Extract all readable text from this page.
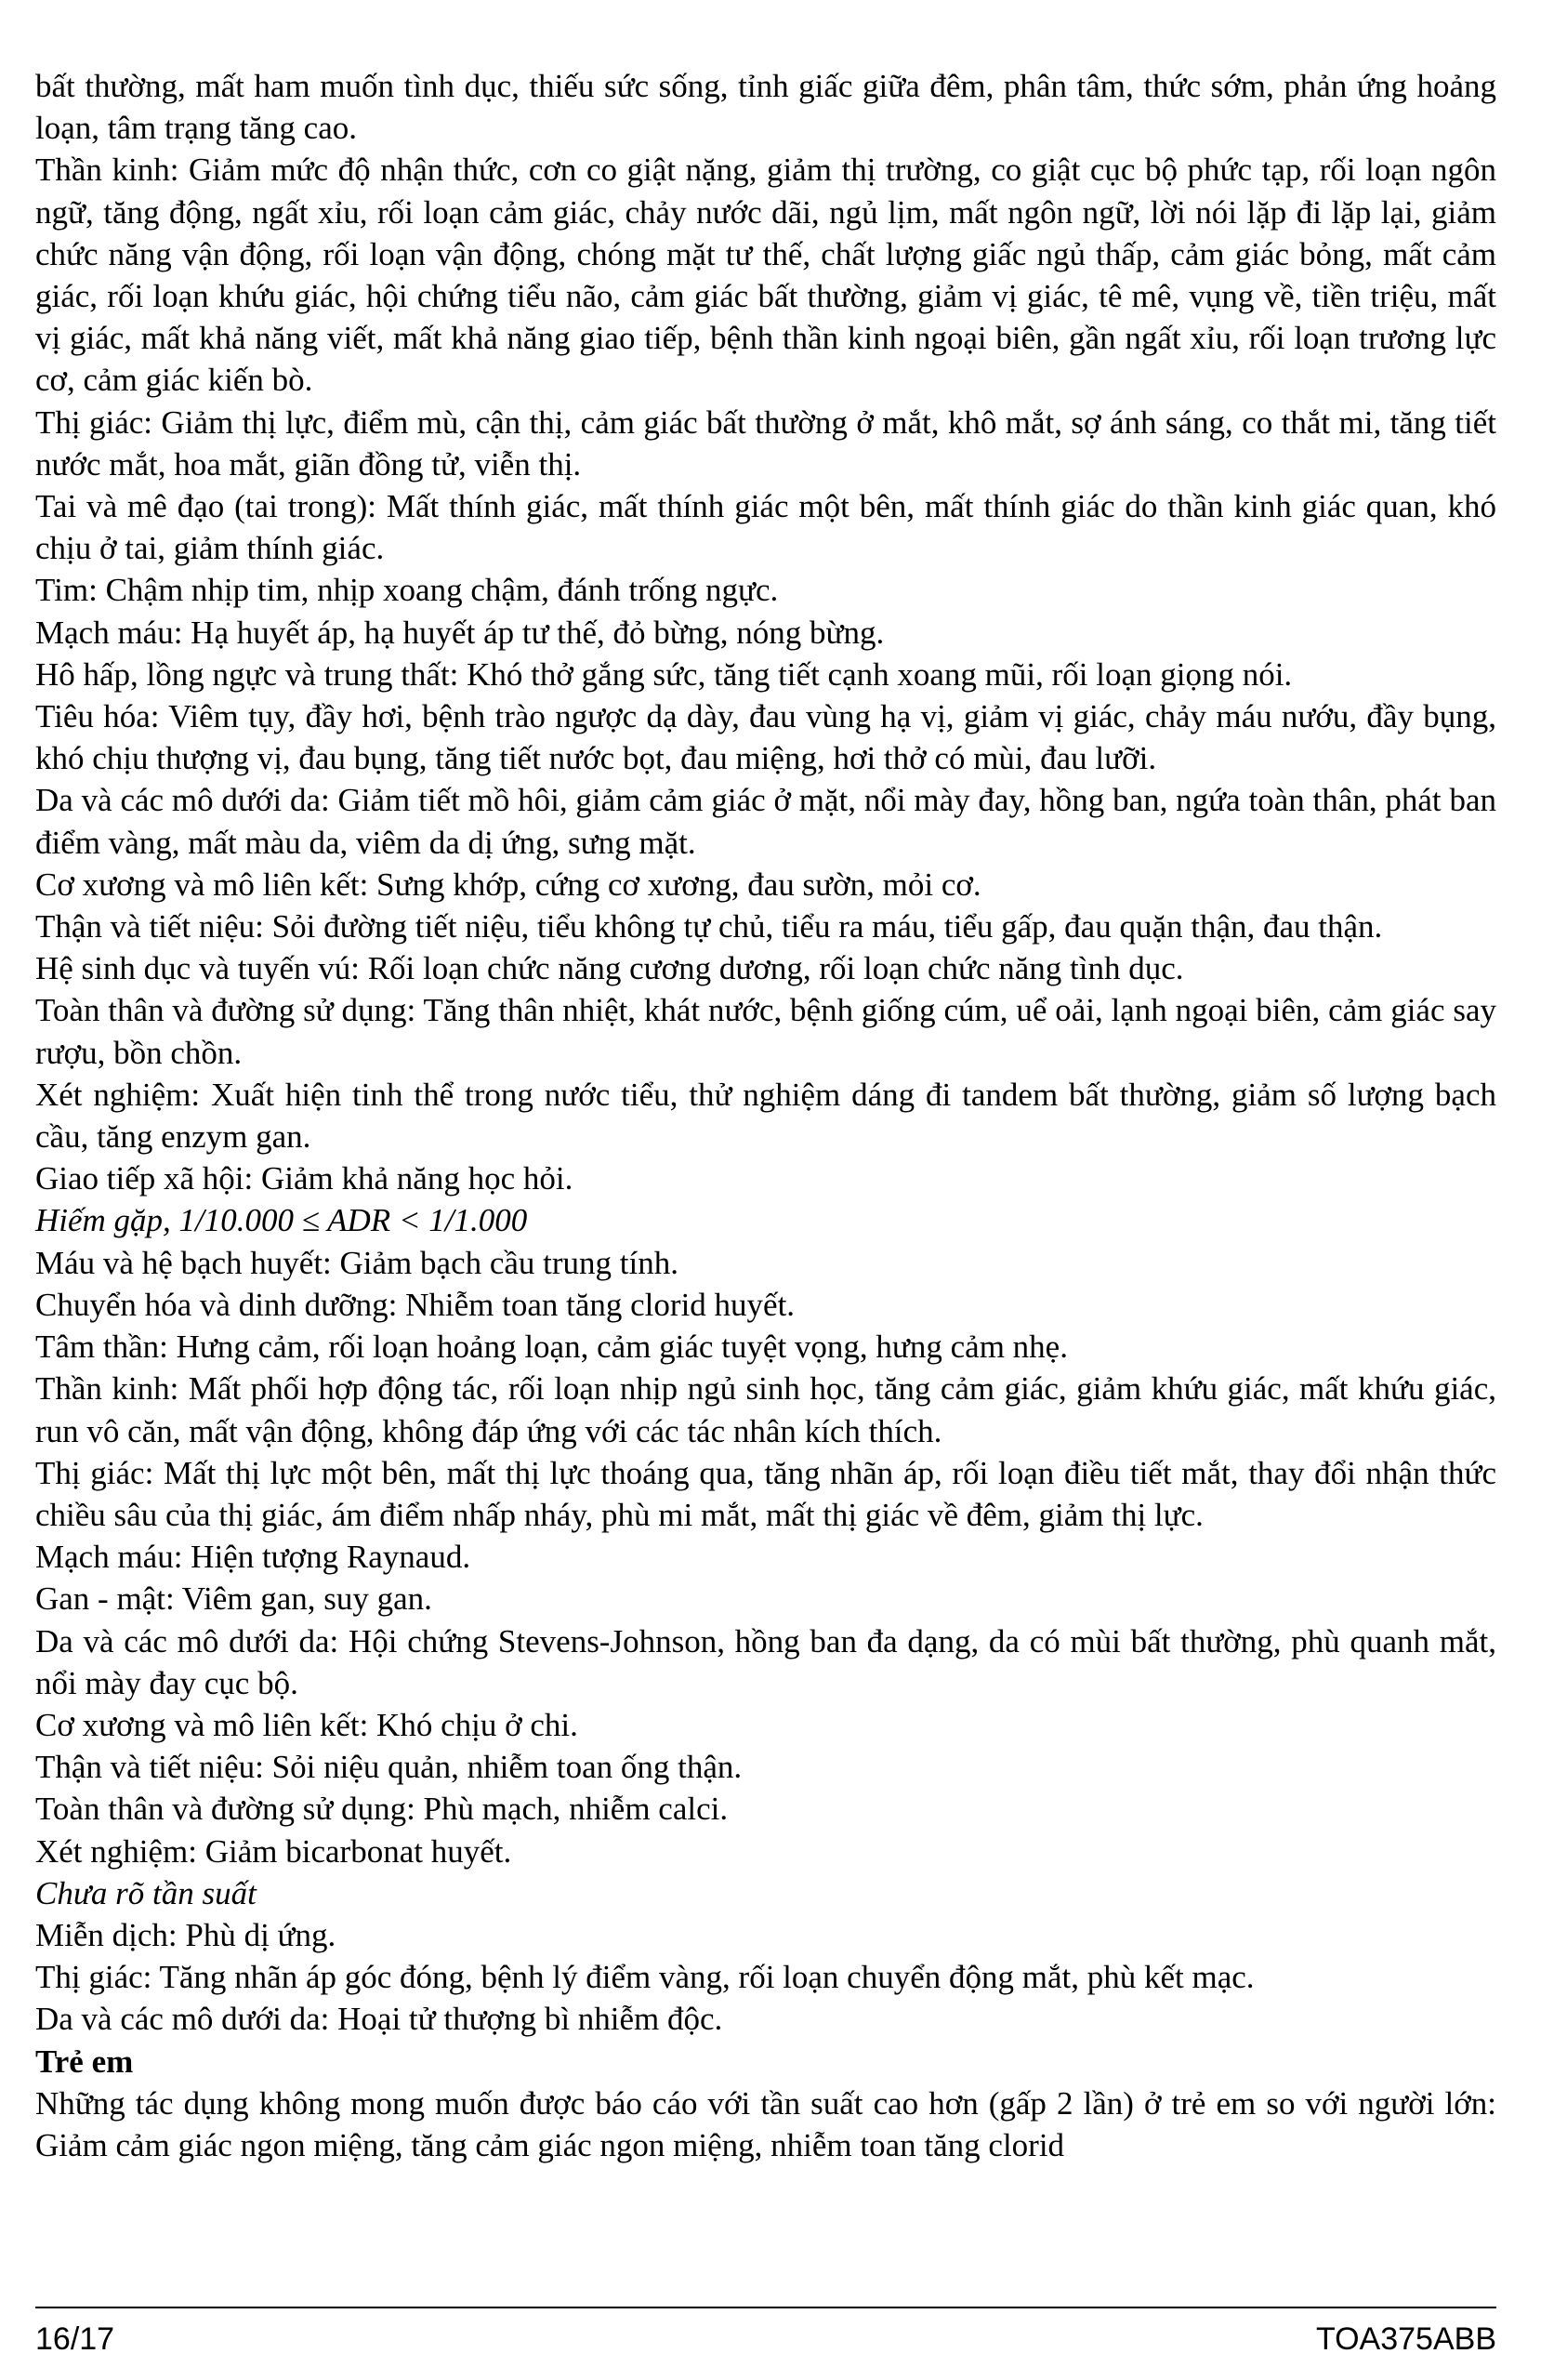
bất thường, mất ham muốn tình dục, thiếu sức sống, tỉnh giấc giữa đêm, phân tâm, thức sớm, phản ứng hoảng loạn, tâm trạng tăng cao.

Thần kinh: Giảm mức độ nhận thức, cơn co giật nặng, giảm thị trường, co giật cục bộ phức tạp, rối loạn ngôn ngữ, tăng động, ngất xỉu, rối loạn cảm giác, chảy nước dãi, ngủ lịm, mất ngôn ngữ, lời nói lặp đi lặp lại, giảm chức năng vận động, rối loạn vận động, chóng mặt tư thế, chất lượng giấc ngủ thấp, cảm giác bỏng, mất cảm giác, rối loạn khứu giác, hội chứng tiểu não, cảm giác bất thường, giảm vị giác, tê mê, vụng về, tiền triệu, mất vị giác, mất khả năng viết, mất khả năng giao tiếp, bệnh thần kinh ngoại biên, gần ngất xỉu, rối loạn trương lực cơ, cảm giác kiến bò.

Thị giác: Giảm thị lực, điểm mù, cận thị, cảm giác bất thường ở mắt, khô mắt, sợ ánh sáng, co thắt mi, tăng tiết nước mắt, hoa mắt, giãn đồng tử, viễn thị.

Tai và mê đạo (tai trong): Mất thính giác, mất thính giác một bên, mất thính giác do thần kinh giác quan, khó chịu ở tai, giảm thính giác.

Tim: Chậm nhịp tim, nhịp xoang chậm, đánh trống ngực.

Mạch máu: Hạ huyết áp, hạ huyết áp tư thế, đỏ bừng, nóng bừng.

Hô hấp, lồng ngực và trung thất: Khó thở gắng sức, tăng tiết cạnh xoang mũi, rối loạn giọng nói.

Tiêu hóa: Viêm tụy, đầy hơi, bệnh trào ngược dạ dày, đau vùng hạ vị, giảm vị giác, chảy máu nướu, đầy bụng, khó chịu thượng vị, đau bụng, tăng tiết nước bọt, đau miệng, hơi thở có mùi, đau lưỡi.

Da và các mô dưới da: Giảm tiết mồ hôi, giảm cảm giác ở mặt, nổi mày đay, hồng ban, ngứa toàn thân, phát ban điểm vàng, mất màu da, viêm da dị ứng, sưng mặt.

Cơ xương và mô liên kết: Sưng khớp, cứng cơ xương, đau sườn, mỏi cơ.

Thận và tiết niệu: Sỏi đường tiết niệu, tiểu không tự chủ, tiểu ra máu, tiểu gấp, đau quặn thận, đau thận.

Hệ sinh dục và tuyến vú: Rối loạn chức năng cương dương, rối loạn chức năng tình dục.

Toàn thân và đường sử dụng: Tăng thân nhiệt, khát nước, bệnh giống cúm, uể oải, lạnh ngoại biên, cảm giác say rượu, bồn chồn.

Xét nghiệm: Xuất hiện tinh thể trong nước tiểu, thử nghiệm dáng đi tandem bất thường, giảm số lượng bạch cầu, tăng enzym gan.

Giao tiếp xã hội: Giảm khả năng học hỏi.

Hiếm gặp, 1/10.000 ≤ ADR < 1/1.000

Máu và hệ bạch huyết: Giảm bạch cầu trung tính.

Chuyển hóa và dinh dưỡng: Nhiễm toan tăng clorid huyết.

Tâm thần: Hưng cảm, rối loạn hoảng loạn, cảm giác tuyệt vọng, hưng cảm nhẹ.

Thần kinh: Mất phối hợp động tác, rối loạn nhịp ngủ sinh học, tăng cảm giác, giảm khứu giác, mất khứu giác, run vô căn, mất vận động, không đáp ứng với các tác nhân kích thích.

Thị giác: Mất thị lực một bên, mất thị lực thoáng qua, tăng nhãn áp, rối loạn điều tiết mắt, thay đổi nhận thức chiều sâu của thị giác, ám điểm nhấp nháy, phù mi mắt, mất thị giác về đêm, giảm thị lực.

Mạch máu: Hiện tượng Raynaud.

Gan - mật: Viêm gan, suy gan.

Da và các mô dưới da: Hội chứng Stevens-Johnson, hồng ban đa dạng, da có mùi bất thường, phù quanh mắt, nổi mày đay cục bộ.

Cơ xương và mô liên kết: Khó chịu ở chi.

Thận và tiết niệu: Sỏi niệu quản, nhiễm toan ống thận.

Toàn thân và đường sử dụng: Phù mạch, nhiễm calci.

Xét nghiệm: Giảm bicarbonat huyết.

Chưa rõ tần suất

Miễn dịch: Phù dị ứng.

Thị giác: Tăng nhãn áp góc đóng, bệnh lý điểm vàng, rối loạn chuyển động mắt, phù kết mạc.

Da và các mô dưới da: Hoại tử thượng bì nhiễm độc.

Trẻ em

Những tác dụng không mong muốn được báo cáo với tần suất cao hơn (gấp 2 lần) ở trẻ em so với người lớn: Giảm cảm giác ngon miệng, tăng cảm giác ngon miệng, nhiễm toan tăng clorid

16/17	TOA375ABB
